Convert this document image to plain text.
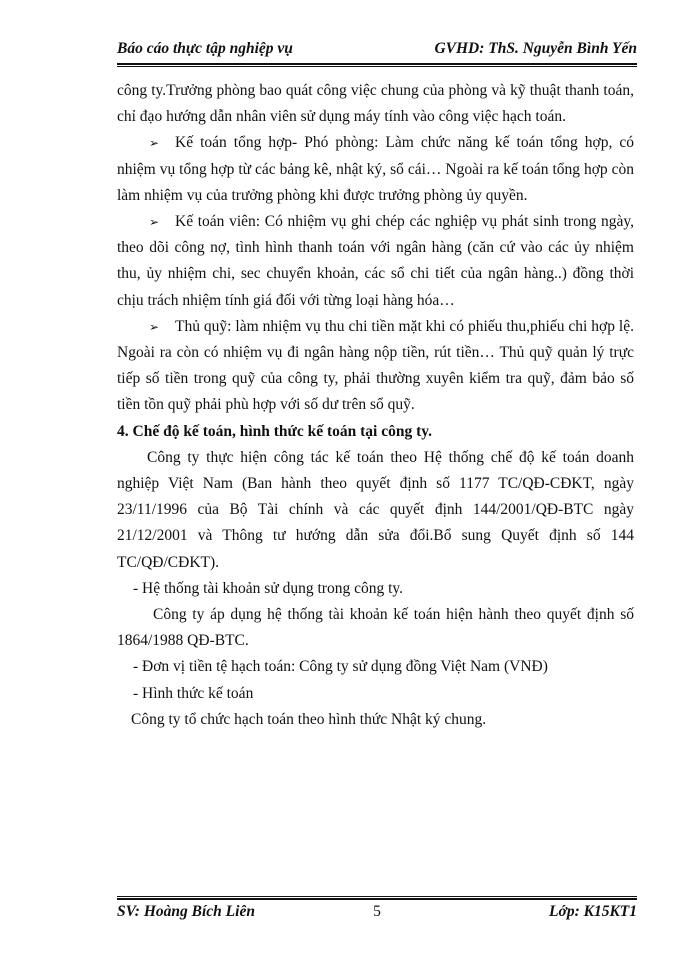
Báo cáo thực tập nghiệp vụ	GVHD: ThS. Nguyễn Bình Yến

công ty.Trưởng phòng bao quát công việc chung của phòng và kỹ thuật thanh toán, chỉ đạo hướng dẫn nhân viên sử dụng máy tính vào công việc hạch toán.

➢ Kế toán tổng hợp- Phó phòng: Làm chức năng kế toán tổng hợp, có nhiệm vụ tổng hợp từ các bảng kê, nhật ký, sổ cái… Ngoài ra kế toán tổng hợp còn làm nhiệm vụ của trưởng phòng khi được trưởng phòng ủy quyền.

➢ Kế toán viên: Có nhiệm vụ ghi chép các nghiệp vụ phát sinh trong ngày, theo dõi công nợ, tình hình thanh toán với ngân hàng (căn cứ vào các ủy nhiệm thu, ủy nhiệm chi, sec chuyển khoản, các sổ chi tiết của ngân hàng..) đồng thời chịu trách nhiệm tính giá đối với từng loại hàng hóa…

➢ Thủ quỹ: làm nhiệm vụ thu chi tiền mặt khi có phiếu thu,phiếu chi hợp lệ. Ngoài ra còn có nhiệm vụ đi ngân hàng nộp tiền, rút tiền… Thủ quỹ quản lý trực tiếp số tiền trong quỹ của công ty, phải thường xuyên kiểm tra quỹ, đảm bảo số tiền tồn quỹ phải phù hợp với số dư trên sổ quỹ.

4. Chế độ kế toán, hình thức kế toán tại công ty.

Công ty thực hiện công tác kế toán theo Hệ thống chế độ kế toán doanh nghiệp Việt Nam (Ban hành theo quyết định số 1177 TC/QĐ-CĐKT, ngày 23/11/1996 của Bộ Tài chính và các quyết định 144/2001/QĐ-BTC ngày 21/12/2001 và Thông tư hướng dẫn sửa đổi.Bổ sung Quyết định số 144 TC/QĐ/CĐKT).

- Hệ thống tài khoản sử dụng trong công ty.

Công ty áp dụng hệ thống tài khoản kế toán hiện hành theo quyết định số 1864/1988 QĐ-BTC.

- Đơn vị tiền tệ hạch toán: Công ty sử dụng đồng Việt Nam (VNĐ)

- Hình thức kế toán

Công ty tổ chức hạch toán theo hình thức Nhật ký chung.

SV: Hoàng Bích Liên	5	Lớp: K15KT1
